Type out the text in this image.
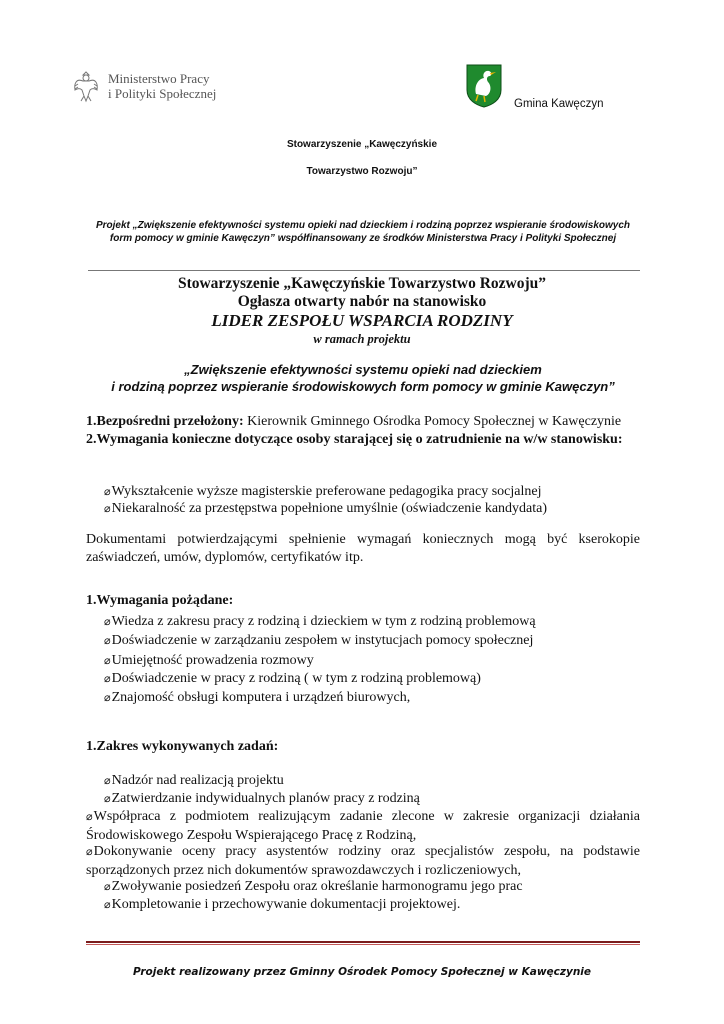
Ministerstwo Pracy
i Polityki Społecznej
Gmina Kawęczyn
Stowarzyszenie „Kawęczyńskie
Towarzystwo Rozwoju”
Projekt „Zwiększenie efektywności systemu opieki nad dzieckiem i rodziną poprzez wspieranie środowiskowych form pomocy w gminie Kawęczyn” współfinansowany ze środków Ministerstwa Pracy i Polityki Społecznej
Stowarzyszenie „Kawęczyńskie Towarzystwo Rozwoju”
Ogłasza otwarty nabór na stanowisko
LIDER ZESPOŁU WSPARCIA RODZINY
w ramach projektu
„Zwiększenie efektywności systemu opieki nad dzieckiem
i rodziną poprzez wspieranie środowiskowych form pomocy w gminie Kawęczyn”
1.Bezpośredni przełożony: Kierownik Gminnego Ośrodka Pomocy Społecznej w Kawęczynie
2.Wymagania konieczne dotyczące osoby starającej się o zatrudnienie na w/w stanowisku:
⌀Wykształcenie wyższe magisterskie preferowane pedagogika pracy socjalnej
⌀Niekaralność za przestępstwa popełnione umyślnie (oświadczenie kandydata)
Dokumentami potwierdzającymi spełnienie wymagań koniecznych mogą być kserokopie zaświadczeń, umów, dyplomów, certyfikatów itp.
1.Wymagania pożądane:
⌀Wiedza z zakresu pracy z rodziną i dzieckiem w tym z rodziną problemową
⌀Doświadczenie w zarządzaniu zespołem w instytucjach pomocy społecznej
⌀Umiejętność prowadzenia rozmowy
⌀Doświadczenie w pracy z rodziną ( w tym z rodziną problemową)
⌀Znajomość obsługi komputera i urządzeń biurowych,
1.Zakres wykonywanych zadań:
⌀Nadzór nad realizacją projektu
⌀Zatwierdzanie indywidualnych planów pracy z rodziną
⌀Współpraca z podmiotem realizującym zadanie zlecone w zakresie organizacji działania Środowiskowego Zespołu Wspierającego Pracę z Rodziną,
⌀Dokonywanie oceny pracy asystentów rodziny oraz specjalistów zespołu, na podstawie sporządzonych przez nich dokumentów sprawozdawczych i rozliczeniowych,
⌀Zwoływanie posiedzeń Zespołu oraz określanie harmonogramu jego prac
⌀Kompletowanie i przechowywanie dokumentacji projektowej.
Projekt realizowany przez Gminny Ośrodek Pomocy Społecznej w Kawęczynie
